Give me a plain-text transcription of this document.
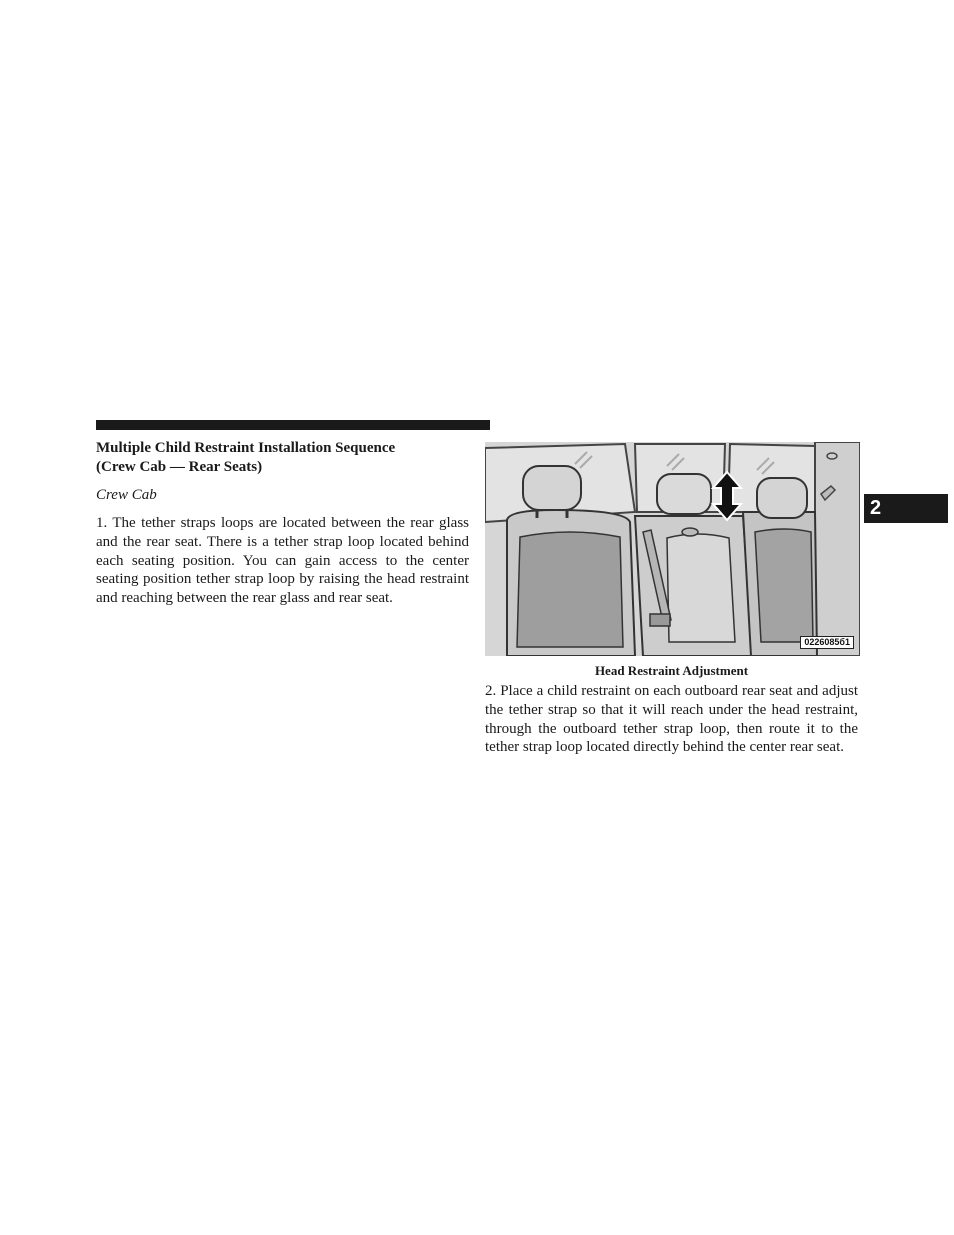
Multiple Child Restraint Installation Sequence
(Crew Cab — Rear Seats)

Crew Cab

1. The tether straps loops are located between the rear glass and the rear seat. There is a tether strap loop located behind each seating position. You can gain access to the center seating position tether strap loop by raising the head restraint and reaching between the rear glass and rear seat.

0226085б1

Head Restraint Adjustment

2. Place a child restraint on each outboard rear seat and adjust the tether strap so that it will reach under the head restraint, through the outboard tether strap loop, then route it to the tether strap loop located directly behind the center rear seat.

2
